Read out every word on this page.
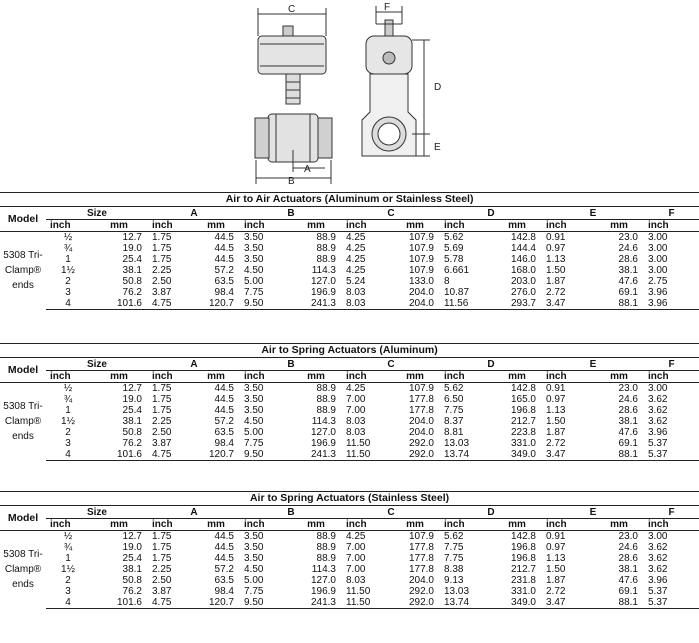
C	F
D
E
A
B
Air to Air Actuators (Aluminum or Stainless Steel)														
Model	Size		A		B		C		D		E		F	
	inch	mm	inch	mm	inch	mm	inch	mm	inch	mm	inch	mm	inch	

5308 Tri-
Clamp®
ends	½	12.7	1.75	44.5	3.50	88.9	4.25	107.9	5.62	142.8	0.91	23.0	3.00	
	¾	19.0	1.75	44.5	3.50	88.9	4.25	107.9	5.69	144.4	0.97	24.6	3.00	
	1	25.4	1.75	44.5	3.50	88.9	4.25	107.9	5.78	146.0	1.13	28.6	3.00	
	1½	38.1	2.25	57.2	4.50	114.3	4.25	107.9	6.661	168.0	1.50	38.1	3.00	
	2	50.8	2.50	63.5	5.00	127.0	5.24	133.0	8	203.0	1.87	47.6	2.75	
	3	76.2	3.87	98.4	7.75	196.9	8.03	204.0	10.87	276.0	2.72	69.1	3.96	
	4	101.6	4.75	120.7	9.50	241.3	8.03	204.0	11.56	293.7	3.47	88.1	3.96	
Air to Spring Actuators (Aluminum)														
Model	Size		A		B		C		D		E		F	
	inch	mm	inch	mm	inch	mm	inch	mm	inch	mm	inch	mm	inch	

5308 Tri-
Clamp®
ends	½	12.7	1.75	44.5	3.50	88.9	4.25	107.9	5.62	142.8	0.91	23.0	3.00	
	¾	19.0	1.75	44.5	3.50	88.9	7.00	177.8	6.50	165.0	0.97	24.6	3.62	
	1	25.4	1.75	44.5	3.50	88.9	7.00	177.8	7.75	196.8	1.13	28.6	3.62	
	1½	38.1	2.25	57.2	4.50	114.3	8.03	204.0	8.37	212.7	1.50	38.1	3.62	
	2	50.8	2.50	63.5	5.00	127.0	8.03	204.0	8.81	223.8	1.87	47.6	3.96	
	3	76.2	3.87	98.4	7.75	196.9	11.50	292.0	13.03	331.0	2.72	69.1	5.37	
	4	101.6	4.75	120.7	9.50	241.3	11.50	292.0	13.74	349.0	3.47	88.1	5.37	
Air to Spring Actuators (Stainless Steel)														
Model	Size		A		B		C		D		E		F	
	inch	mm	inch	mm	inch	mm	inch	mm	inch	mm	inch	mm	inch	

5308 Tri-
Clamp®
ends	½	12.7	1.75	44.5	3.50	88.9	4.25	107.9	5.62	142.8	0.91	23.0	3.00	
	¾	19.0	1.75	44.5	3.50	88.9	7.00	177.8	7.75	196.8	0.97	24.6	3.62	
	1	25.4	1.75	44.5	3.50	88.9	7.00	177.8	7.75	196.8	1.13	28.6	3.62	
	1½	38.1	2.25	57.2	4.50	114.3	7.00	177.8	8.38	212.7	1.50	38.1	3.62	
	2	50.8	2.50	63.5	5.00	127.0	8.03	204.0	9.13	231.8	1.87	47.6	3.96	
	3	76.2	3.87	98.4	7.75	196.9	11.50	292.0	13.03	331.0	2.72	69.1	5.37	
	4	101.6	4.75	120.7	9.50	241.3	11.50	292.0	13.74	349.0	3.47	88.1	5.37	
